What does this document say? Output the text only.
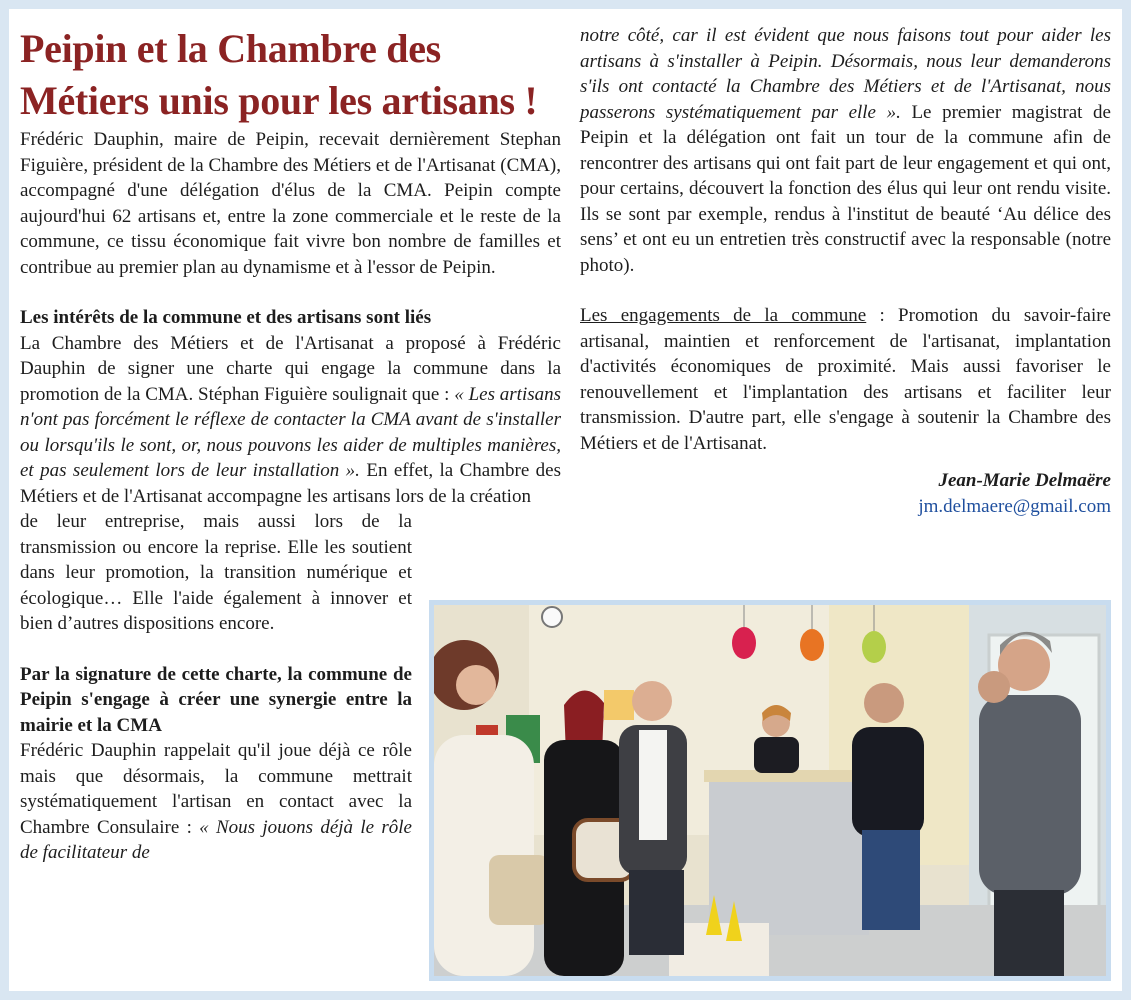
Peipin et la Chambre des Métiers unis pour les artisans !

Frédéric Dauphin, maire de Peipin, recevait dernièrement Stephan Figuière, président de la Chambre des Métiers et de l'Artisanat (CMA), accompagné d'une délégation d'élus de la CMA. Peipin compte aujourd'hui 62 artisans et, entre la zone commerciale et le reste de la commune, ce tissu économique fait vivre bon nombre de familles et contribue au premier plan au dynamisme et à l'essor de Peipin.

Les intérêts de la commune et des artisans sont liés

La Chambre des Métiers et de l'Artisanat a proposé à Frédéric Dauphin de signer une charte qui engage la commune dans la promotion de la CMA. Stéphan Figuière soulignait que : « Les artisans n'ont pas forcément le réflexe de contacter la CMA avant de s'installer ou lorsqu'ils le sont, or, nous pouvons les aider de multiples manières, et pas seulement lors de leur installation ». En effet, la Chambre des Métiers et de l'Artisanat accompagne les artisans lors de la création

de leur entreprise, mais aussi lors de la transmission ou encore la reprise. Elle les soutient dans leur promotion, la transition numérique et écologique… Elle l'aide également à innover et bien d’autres dispositions encore.

Par la signature de cette charte, la commune de Peipin s'engage à créer une synergie entre la mairie et la CMA

Frédéric Dauphin rappelait qu'il joue déjà ce rôle mais que désormais, la commune mettrait systématiquement l'artisan en contact avec la Chambre Consulaire : « Nous jouons déjà le rôle de facilitateur de

notre côté, car il est évident que nous faisons tout pour aider les artisans à s'installer à Peipin. Désormais, nous leur demanderons s'ils ont contacté la Chambre des Métiers et de l'Artisanat, nous passerons systématiquement par elle ». Le premier magistrat de Peipin et la délégation ont fait un tour de la commune afin de rencontrer des artisans qui ont fait part de leur engagement et qui ont, pour certains, découvert la fonction des élus qui leur ont rendu visite. Ils se sont par exemple, rendus à l'institut de beauté ‘Au délice des sens’ et ont eu un entretien très constructif avec la responsable (notre photo).

Les engagements de la commune : Promotion du savoir-faire artisanal, maintien et renforcement de l'artisanat, implantation d'activités économiques de proximité. Mais aussi favoriser le renouvellement et l'implantation des artisans et faciliter leur transmission. D'autre part, elle s'engage à soutenir la Chambre des Métiers et de l'Artisanat.

Jean-Marie Delmaëre
jm.delmaere@gmail.com
